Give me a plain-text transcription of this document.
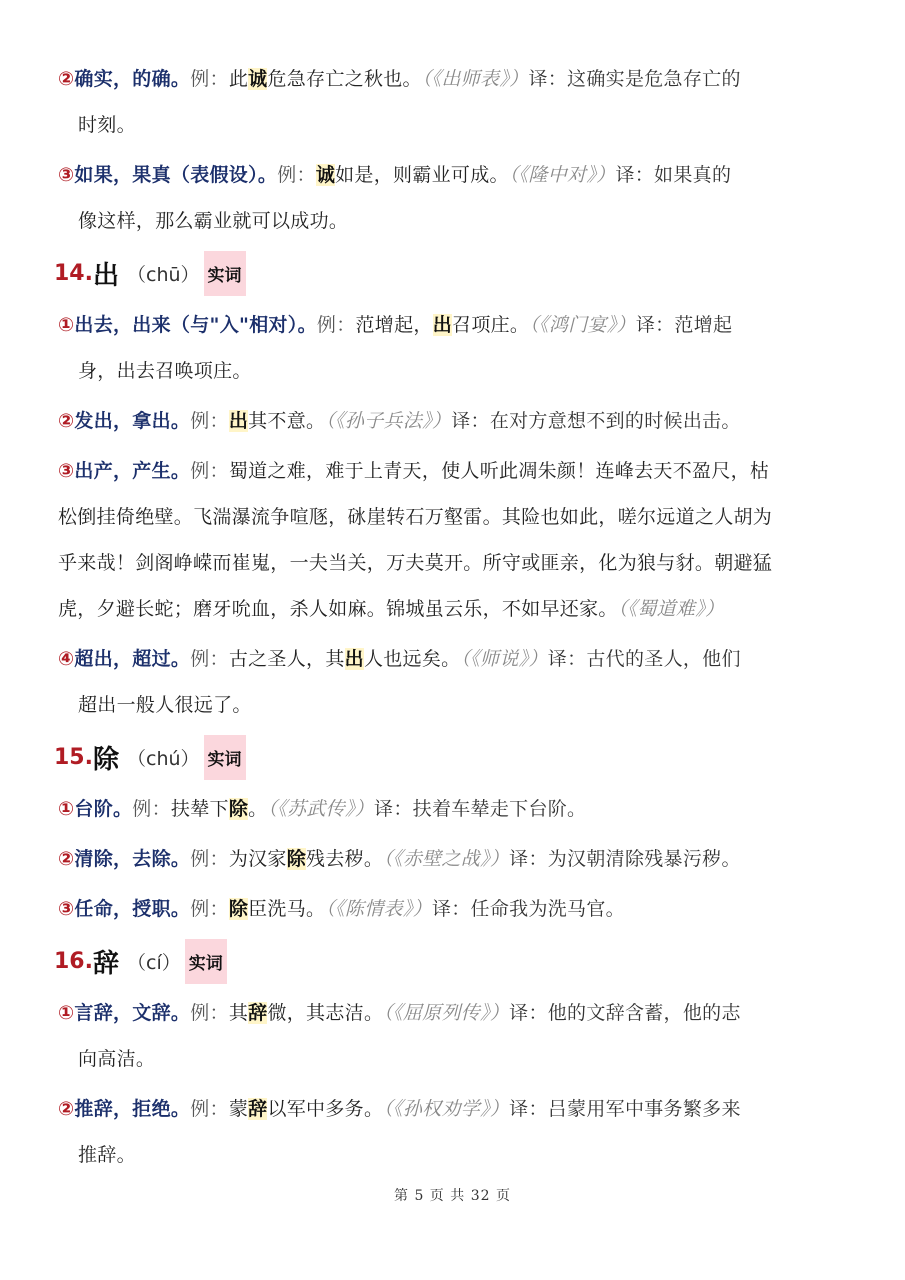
②确实，的确。例：此诚危急存亡之秋也。（《出师表》）译：这确实是危急存亡的
时刻。

③如果，果真（表假设）。例：诚如是，则霸业可成。（《隆中对》）译：如果真的
像这样，那么霸业就可以成功。

14. 出 （chū） 实词

①出去，出来（与"入"相对）。例：范增起，出召项庄。（《鸿门宴》）译：范增起
身，出去召唤项庄。

②发出，拿出。例：出其不意。（《孙子兵法》）译：在对方意想不到的时候出击。

③出产，产生。例：蜀道之难，难于上青天，使人听此凋朱颜！连峰去天不盈尺，枯
松倒挂倚绝壁。飞湍瀑流争喧豗，砯崖转石万壑雷。其险也如此，嗟尔远道之人胡为
乎来哉！剑阁峥嵘而崔嵬，一夫当关，万夫莫开。所守或匪亲，化为狼与豺。朝避猛
虎，夕避长蛇；磨牙吮血，杀人如麻。锦城虽云乐，不如早还家。（《蜀道难》）

④超出，超过。例：古之圣人，其出人也远矣。（《师说》）译：古代的圣人，他们
超出一般人很远了。

15. 除 （chú） 实词

①台阶。例：扶辇下除。（《苏武传》）译：扶着车辇走下台阶。

②清除，去除。例：为汉家除残去秽。（《赤壁之战》）译：为汉朝清除残暴污秽。

③任命，授职。例：除臣洗马。（《陈情表》）译：任命我为洗马官。

16. 辞 （cí） 实词

①言辞，文辞。例：其辞微，其志洁。（《屈原列传》）译：他的文辞含蓄，他的志
向高洁。

②推辞，拒绝。例：蒙辞以军中多务。（《孙权劝学》）译：吕蒙用军中事务繁多来
推辞。

第 5 页 共 32 页
